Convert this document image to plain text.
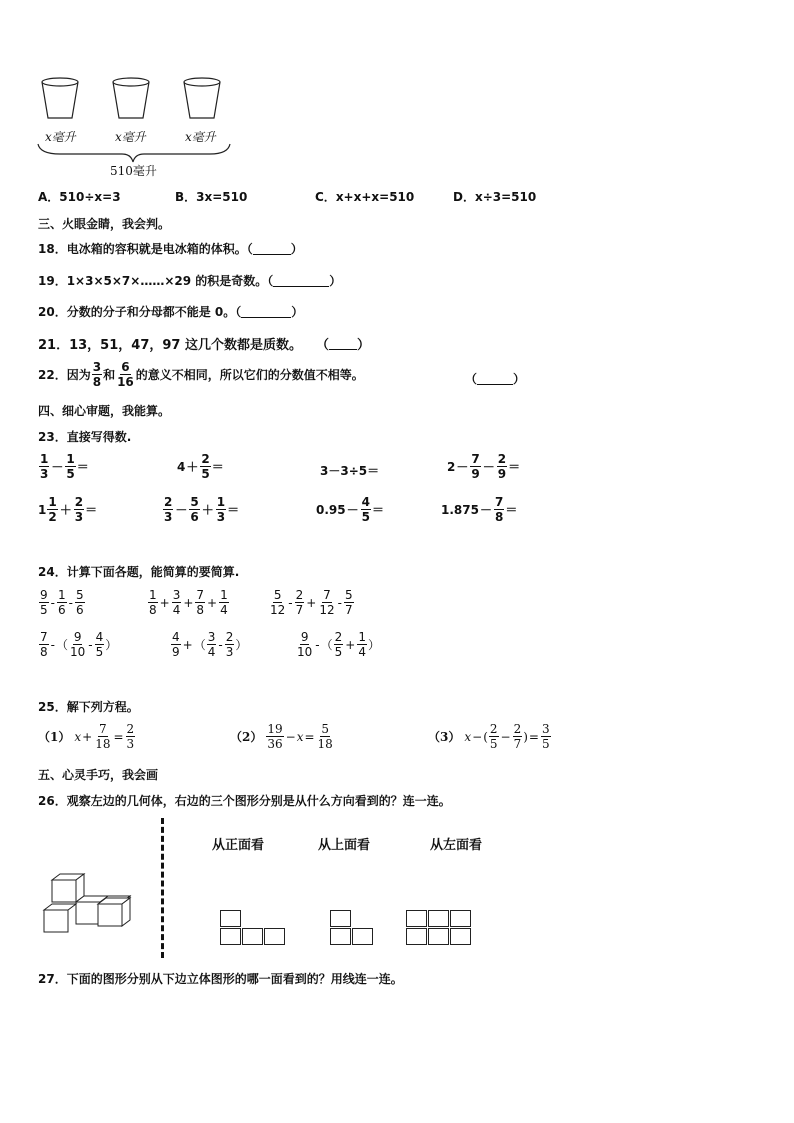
x毫升	x毫升	x毫升
510毫升
A． 510÷x=3	B． 3x=510	C． x+x+x=510	D． x÷3=510
三、火眼金睛，我会判。
18．电冰箱的容积就是电冰箱的体积。（	）
19．1×3×5×7×……×29 的积是奇数。（	）
20．分数的分子和分母都不能是 0。（	）
21．13，51，47，97 这几个数都是质数。 （ ）
22．因为 $\frac{3}{8}$ 和 $\frac{6}{16}$ 的意义不相同，所以它们的分数值不相等。	（	）
四、细心审题，我能算。
23．直接写得数.
$\frac{1}{3} - \frac{1}{5}$ ＝	$4 + \frac{2}{5}$ ＝	3－3÷5＝	$2 - \frac{7}{9} - \frac{2}{9}$ ＝
$1 \frac{1}{2} + \frac{2}{3}$ ＝	$\frac{2}{3} - \frac{5}{6} + \frac{1}{3}$ ＝	$0.95 - \frac{4}{5}$ ＝	$1.875 - \frac{7}{8}$ ＝
24．计算下面各题，能简算的要简算.
$\frac{9}{5} - \frac{1}{6} - \frac{5}{6}$	$\frac{1}{8} + \frac{3}{4} + \frac{7}{8} + \frac{1}{4}$	$\frac{5}{12} - \frac{2}{7} + \frac{7}{12} - \frac{5}{7}$
$\frac{7}{8}$ - （ $\frac{9}{10} - \frac{4}{5}$ ）	$\frac{4}{9}$ + （ $\frac{3}{4} - \frac{2}{3}$ ）	$\frac{9}{10}$ - （ $\frac{2}{5} + \frac{1}{4}$ ）
25．解下列方程。
（1） $x + \frac{7}{18} = \frac{2}{3}$	$(2) \frac{19}{36} - x = \frac{5}{18}$	（3） x − ( $\frac{2}{5} - \frac{2}{7}$ ) = $\frac{3}{5}$
五、心灵手巧，我会画
26．观察左边的几何体，右边的三个图形分别是从什么方向看到的？连一连。
从正面看	从上面看	从左面看
27．下面的图形分别从下边立体图形的哪一面看到的？用线连一连。
